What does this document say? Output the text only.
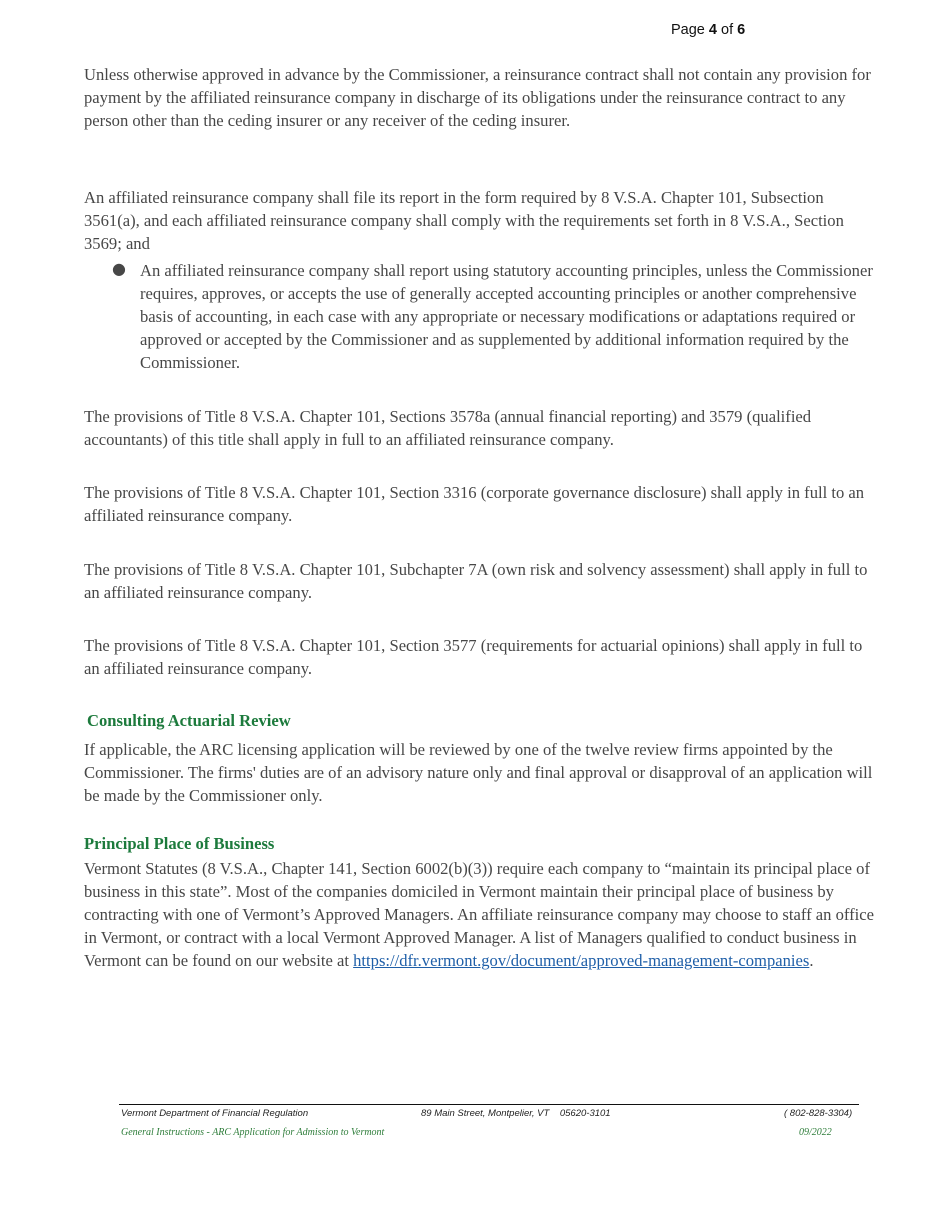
Page 4 of 6

Unless otherwise approved in advance by the Commissioner, a reinsurance contract shall not contain any provision for payment by the affiliated reinsurance company in discharge of its obligations under the reinsurance contract to any person other than the ceding insurer or any receiver of the ceding insurer.

An affiliated reinsurance company shall file its report in the form required by 8 V.S.A. Chapter 101, Subsection 3561(a), and each affiliated reinsurance company shall comply with the requirements set forth in 8 V.S.A., Section 3569; and

● An affiliated reinsurance company shall report using statutory accounting principles, unless the Commissioner requires, approves, or accepts the use of generally accepted accounting principles or another comprehensive basis of accounting, in each case with any appropriate or necessary modifications or adaptations required or approved or accepted by the Commissioner and as supplemented by additional information required by the Commissioner.

The provisions of Title 8 V.S.A. Chapter 101, Sections 3578a (annual financial reporting) and 3579 (qualified accountants) of this title shall apply in full to an affiliated reinsurance company.

The provisions of Title 8 V.S.A. Chapter 101, Section 3316 (corporate governance disclosure) shall apply in full to an affiliated reinsurance company.

The provisions of Title 8 V.S.A. Chapter 101, Subchapter 7A (own risk and solvency assessment) shall apply in full to an affiliated reinsurance company.

The provisions of Title 8 V.S.A. Chapter 101, Section 3577 (requirements for actuarial opinions) shall apply in full to an affiliated reinsurance company.

Consulting Actuarial Review

If applicable, the ARC licensing application will be reviewed by one of the twelve review firms appointed by the Commissioner. The firms' duties are of an advisory nature only and final approval or disapproval of an application will be made by the Commissioner only.

Principal Place of Business

Vermont Statutes (8 V.S.A., Chapter 141, Section 6002(b)(3)) require each company to “maintain its principal place of business in this state”. Most of the companies domiciled in Vermont maintain their principal place of business by contracting with one of Vermont’s Approved Managers. An affiliate reinsurance company may choose to staff an office in Vermont, or contract with a local Vermont Approved Manager. A list of Managers qualified to conduct business in Vermont can be found on our website at https://dfr.vermont.gov/document/approved-management-companies.

Vermont Department of Financial Regulation	89 Main Street, Montpelier, VT    05620-3101	( 802-828-3304)
General Instructions - ARC Application for Admission to Vermont	09/2022
